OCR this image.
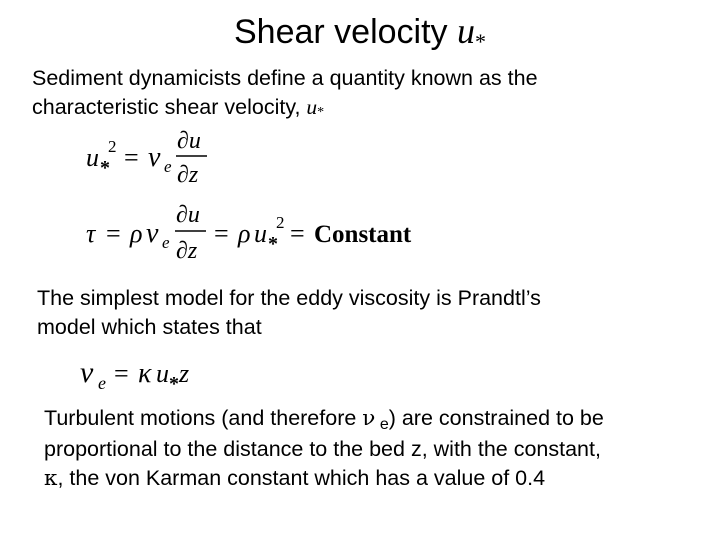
Shear velocity u*
Sediment dynamicists define a quantity known as the
characteristic shear velocity, u*
u *
2 = ν e
∂u
∂z
τ = ρ ν e
∂u
∂z
= ρ u *
2 = Constant
The simplest model for the eddy viscosity is Prandtl’s
model which states that
ν e = κ u * z
Turbulent motions (and therefore ν e) are constrained to be
proportional to the distance to the bed z, with the constant,
κ, the von Karman constant which has a value of 0.4
